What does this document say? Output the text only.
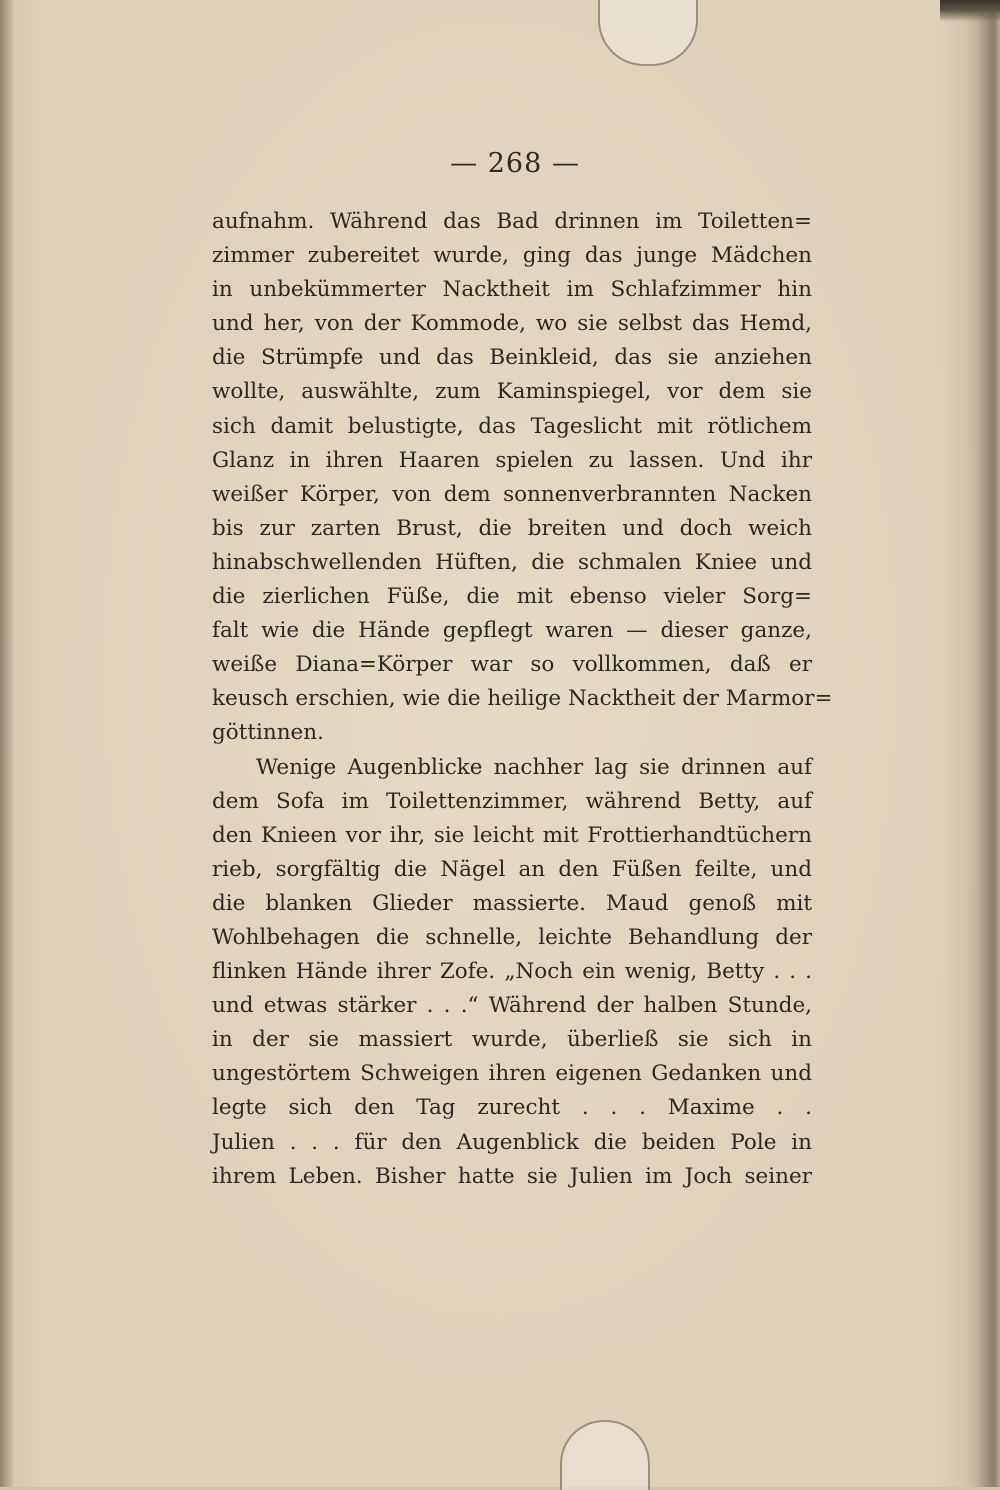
— 268 —
aufnahm. Während das Bad drinnen im Toiletten=
zimmer zubereitet wurde, ging das junge Mädchen
in unbekümmerter Nacktheit im Schlafzimmer hin
und her, von der Kommode, wo sie selbst das Hemd,
die Strümpfe und das Beinkleid, das sie anziehen
wollte, auswählte, zum Kaminspiegel, vor dem sie
sich damit belustigte, das Tageslicht mit rötlichem
Glanz in ihren Haaren spielen zu lassen. Und ihr
weißer Körper, von dem sonnenverbrannten Nacken
bis zur zarten Brust, die breiten und doch weich
hinabschwellenden Hüften, die schmalen Kniee und
die zierlichen Füße, die mit ebenso vieler Sorg=
falt wie die Hände gepflegt waren — dieser ganze,
weiße Diana=Körper war so vollkommen, daß er
keusch erschien, wie die heilige Nacktheit der Marmor=
göttinnen.
Wenige Augenblicke nachher lag sie drinnen auf
dem Sofa im Toilettenzimmer, während Betty, auf
den Knieen vor ihr, sie leicht mit Frottierhandtüchern
rieb, sorgfältig die Nägel an den Füßen feilte, und
die blanken Glieder massierte. Maud genoß mit
Wohlbehagen die schnelle, leichte Behandlung der
flinken Hände ihrer Zofe. „Noch ein wenig, Betty . . .
und etwas stärker . . .“ Während der halben Stunde,
in der sie massiert wurde, überließ sie sich in
ungestörtem Schweigen ihren eigenen Gedanken und
legte sich den Tag zurecht . . . Maxime . .
Julien . . . für den Augenblick die beiden Pole in
ihrem Leben. Bisher hatte sie Julien im Joch seiner
